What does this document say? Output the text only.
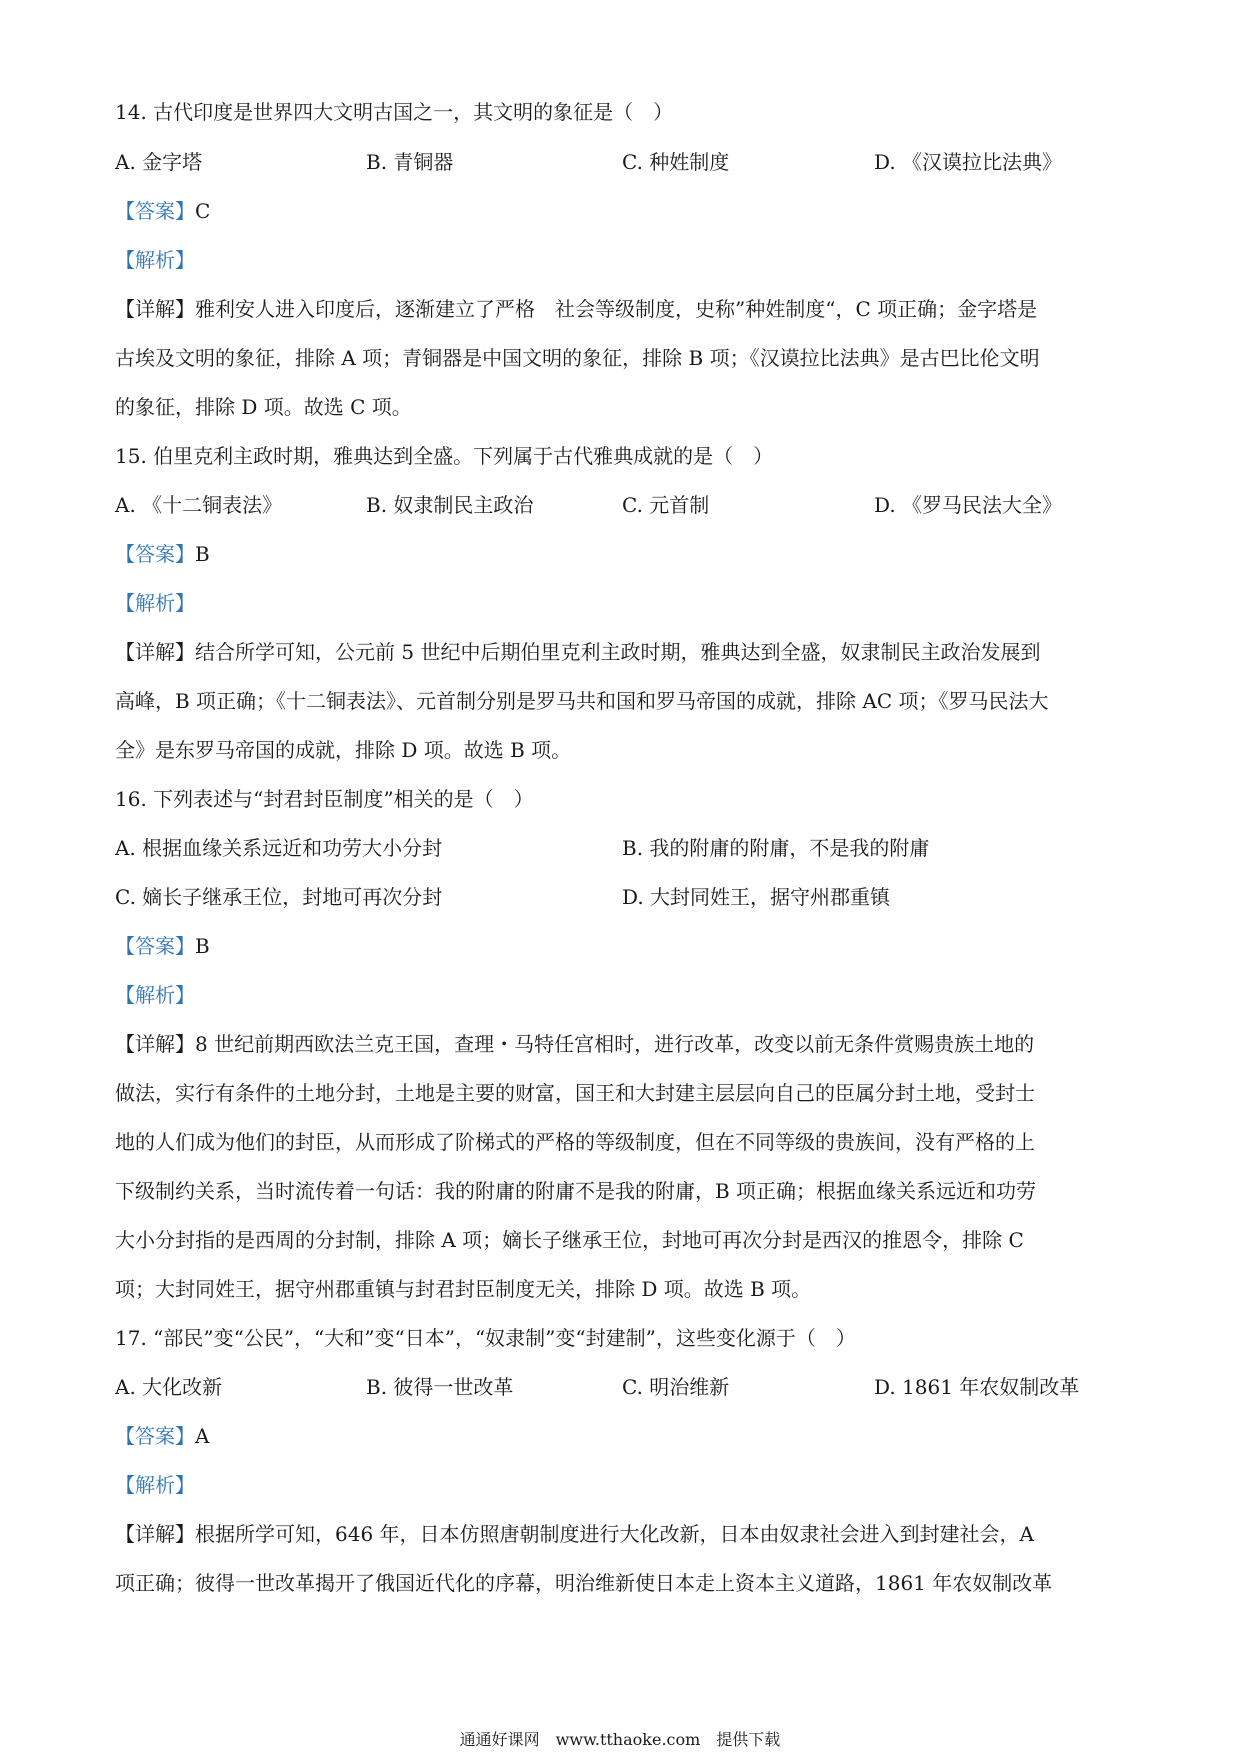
14. 古代印度是世界四大文明古国之一，其文明的象征是（　）
A. 金字塔	B. 青铜器	C. 种姓制度	D. 《汉谟拉比法典》
【答案】C
【解析】
【详解】雅利安人进入印度后，逐渐建立了严格　社会等级制度，史称”种姓制度“，C 项正确；金字塔是
古埃及文明的象征，排除 A 项；青铜器是中国文明的象征，排除 B 项；《汉谟拉比法典》是古巴比伦文明
的象征，排除 D 项。故选 C 项。
15. 伯里克利主政时期，雅典达到全盛。下列属于古代雅典成就的是（　）
A. 《十二铜表法》	B. 奴隶制民主政治	C. 元首制	D. 《罗马民法大全》
【答案】B
【解析】
【详解】结合所学可知，公元前 5 世纪中后期伯里克利主政时期，雅典达到全盛，奴隶制民主政治发展到
高峰，B 项正确；《十二铜表法》、元首制分别是罗马共和国和罗马帝国的成就，排除 AC 项；《罗马民法大
全》是东罗马帝国的成就，排除 D 项。故选 B 项。
16. 下列表述与“封君封臣制度”相关的是（　）
A. 根据血缘关系远近和功劳大小分封	B. 我的附庸的附庸，不是我的附庸
C. 嫡长子继承王位，封地可再次分封	D. 大封同姓王，据守州郡重镇
【答案】B
【解析】
【详解】8 世纪前期西欧法兰克王国，查理・马特任宫相时，进行改革，改变以前无条件赏赐贵族土地的
做法，实行有条件的土地分封，土地是主要的财富，国王和大封建主层层向自己的臣属分封土地，受封士
地的人们成为他们的封臣，从而形成了阶梯式的严格的等级制度，但在不同等级的贵族间，没有严格的上
下级制约关系，当时流传着一句话：我的附庸的附庸不是我的附庸，B 项正确；根据血缘关系远近和功劳
大小分封指的是西周的分封制，排除 A 项；嫡长子继承王位，封地可再次分封是西汉的推恩令，排除 C
项；大封同姓王，据守州郡重镇与封君封臣制度无关，排除 D 项。故选 B 项。
17. “部民”变“公民”，“大和”变“日本”，“奴隶制”变“封建制”，这些变化源于（　）
A. 大化改新	B. 彼得一世改革	C. 明治维新	D. 1861 年农奴制改革
【答案】A
【解析】
【详解】根据所学可知，646 年，日本仿照唐朝制度进行大化改新，日本由奴隶社会进入到封建社会，A
项正确；彼得一世改革揭开了俄国近代化的序幕，明治维新使日本走上资本主义道路，1861 年农奴制改革
通通好课网　www.tthaoke.com　提供下载
